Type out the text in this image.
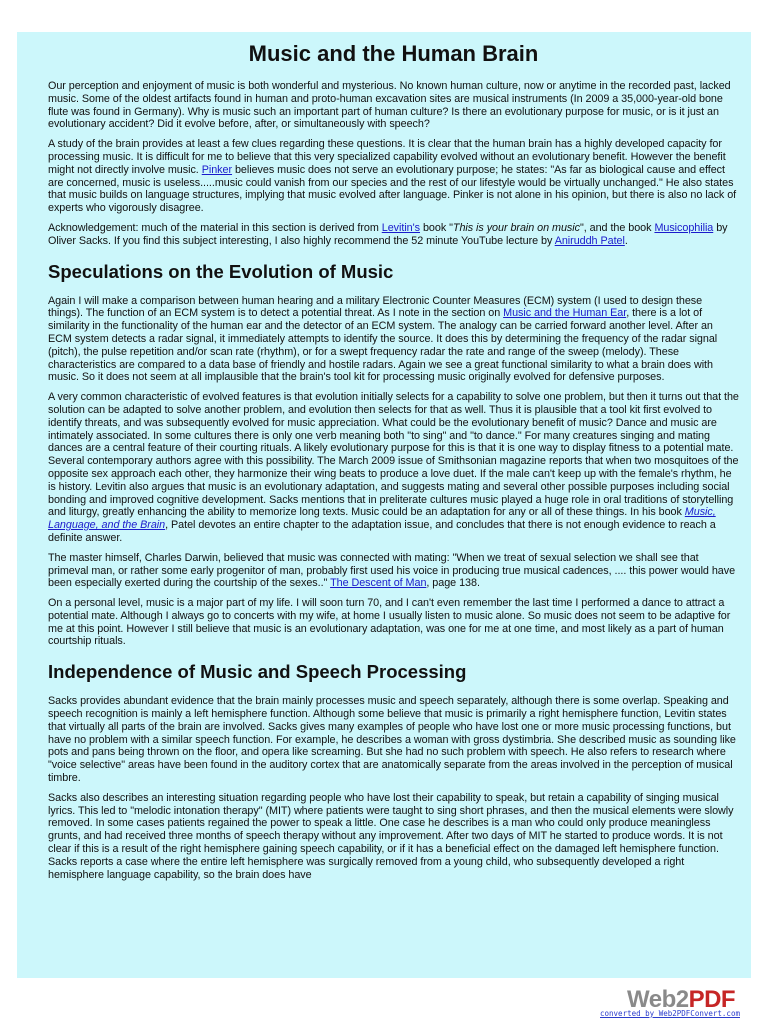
Music and the Human Brain

Our perception and enjoyment of music is both wonderful and mysterious. No known human culture, now or anytime in the recorded past, lacked music. Some of the oldest artifacts found in human and proto-human excavation sites are musical instruments (In 2009 a 35,000-year-old bone flute was found in Germany). Why is music such an important part of human culture? Is there an evolutionary purpose for music, or is it just an evolutionary accident? Did it evolve before, after, or simultaneously with speech?

A study of the brain provides at least a few clues regarding these questions. It is clear that the human brain has a highly developed capacity for processing music. It is difficult for me to believe that this very specialized capability evolved without an evolutionary benefit. However the benefit might not directly involve music. Pinker believes music does not serve an evolutionary purpose; he states: "As far as biological cause and effect are concerned, music is useless.....music could vanish from our species and the rest of our lifestyle would be virtually unchanged." He also states that music builds on language structures, implying that music evolved after language. Pinker is not alone in his opinion, but there is also no lack of experts who vigorously disagree.

Acknowledgement: much of the material in this section is derived from Levitin's book "This is your brain on music", and the book Musicophilia by Oliver Sacks. If you find this subject interesting, I also highly recommend the 52 minute YouTube lecture by Aniruddh Patel.

Speculations on the Evolution of Music

Again I will make a comparison between human hearing and a military Electronic Counter Measures (ECM) system (I used to design these things). The function of an ECM system is to detect a potential threat. As I note in the section on Music and the Human Ear, there is a lot of similarity in the functionality of the human ear and the detector of an ECM system. The analogy can be carried forward another level. After an ECM system detects a radar signal, it immediately attempts to identify the source. It does this by determining the frequency of the radar signal (pitch), the pulse repetition and/or scan rate (rhythm), or for a swept frequency radar the rate and range of the sweep (melody). These characteristics are compared to a data base of friendly and hostile radars. Again we see a great functional similarity to what a brain does with music. So it does not seem at all implausible that the brain's tool kit for processing music originally evolved for defensive purposes.

A very common characteristic of evolved features is that evolution initially selects for a capability to solve one problem, but then it turns out that the solution can be adapted to solve another problem, and evolution then selects for that as well. Thus it is plausible that a tool kit first evolved to identify threats, and was subsequently evolved for music appreciation. What could be the evolutionary benefit of music? Dance and music are intimately associated. In some cultures there is only one verb meaning both "to sing" and "to dance." For many creatures singing and mating dances are a central feature of their courting rituals. A likely evolutionary purpose for this is that it is one way to display fitness to a potential mate. Several contemporary authors agree with this possibility. The March 2009 issue of Smithsonian magazine reports that when two mosquitoes of the opposite sex approach each other, they harmonize their wing beats to produce a love duet. If the male can't keep up with the female's rhythm, he is history. Levitin also argues that music is an evolutionary adaptation, and suggests mating and several other possible purposes including social bonding and improved cognitive development. Sacks mentions that in preliterate cultures music played a huge role in oral traditions of storytelling and liturgy, greatly enhancing the ability to memorize long texts. Music could be an adaptation for any or all of these things. In his book Music, Language, and the Brain, Patel devotes an entire chapter to the adaptation issue, and concludes that there is not enough evidence to reach a definite answer.

The master himself, Charles Darwin, believed that music was connected with mating: "When we treat of sexual selection we shall see that primeval man, or rather some early progenitor of man, probably first used his voice in producing true musical cadences, .... this power would have been especially exerted during the courtship of the sexes.." The Descent of Man, page 138.

On a personal level, music is a major part of my life. I will soon turn 70, and I can't even remember the last time I performed a dance to attract a potential mate. Although I always go to concerts with my wife, at home I usually listen to music alone. So music does not seem to be adaptive for me at this point. However I still believe that music is an evolutionary adaptation, was one for me at one time, and most likely as a part of human courtship rituals.

Independence of Music and Speech Processing

Sacks provides abundant evidence that the brain mainly processes music and speech separately, although there is some overlap. Speaking and speech recognition is mainly a left hemisphere function. Although some believe that music is primarily a right hemisphere function, Levitin states that virtually all parts of the brain are involved. Sacks gives many examples of people who have lost one or more music processing functions, but have no problem with a similar speech function. For example, he describes a woman with gross dystimbria. She described music as sounding like pots and pans being thrown on the floor, and opera like screaming. But she had no such problem with speech. He also refers to research where "voice selective" areas have been found in the auditory cortex that are anatomically separate from the areas involved in the perception of musical timbre.

Sacks also describes an interesting situation regarding people who have lost their capability to speak, but retain a capability of singing musical lyrics. This led to "melodic intonation therapy" (MIT) where patients were taught to sing short phrases, and then the musical elements were slowly removed. In some cases patients regained the power to speak a little. One case he describes is a man who could only produce meaningless grunts, and had received three months of speech therapy without any improvement. After two days of MIT he started to produce words. It is not clear if this is a result of the right hemisphere gaining speech capability, or if it has a beneficial effect on the damaged left hemisphere function. Sacks reports a case where the entire left hemisphere was surgically removed from a young child, who subsequently developed a right hemisphere language capability, so the brain does have

Web2PDF
converted by Web2PDFConvert.com
